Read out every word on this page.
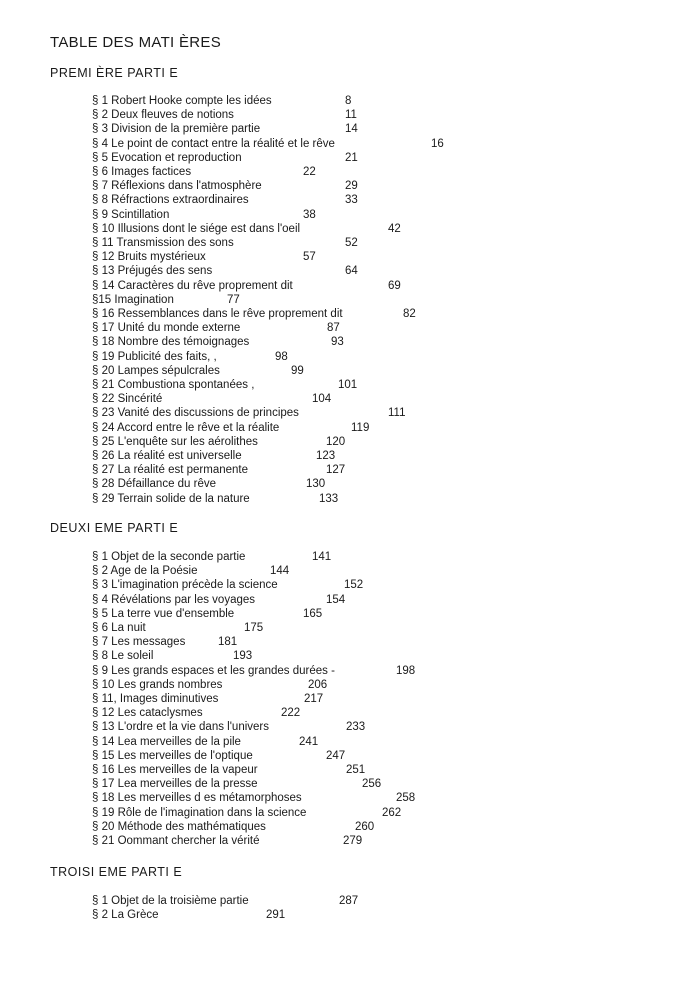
TABLE DES MATI ÈRES
PREMI ÈRE PARTI E
§ 1 Robert Hooke compte les idées	8
§ 2 Deux fleuves de notions	11
§ 3 Division de la première partie	14
§ 4 Le point de contact entre la réalité et le rêve	16
§ 5 Evocation et reproduction	21
§ 6 Images factices	22
§ 7 Réflexions dans l'atmosphère	29
§ 8 Réfractions extraordinaires	33
§ 9 Scintillation	38
§ 10 Illusions dont le siége est dans l'oeil	42
§ 11 Transmission des sons	52
§ 12 Bruits mystérieux	57
§ 13 Préjugés des sens	64
§ 14 Caractères du rêve proprement dit	69
§15 Imagination	77
§ 16 Ressemblances dans le rêve proprement dit	82
§ 17 Unité du monde externe	87
§ 18 Nombre des témoignages	93
§ 19 Publicité des faits, ,	98
§ 20 Lampes sépulcrales	99
§ 21 Combustiona spontanées ,	101
§ 22 Sincérité	104
§ 23 Vanité des discussions de principes	111
§ 24 Accord entre le rêve et la réalite	119
§ 25 L'enquête sur les aérolithes	120
§ 26 La réalité est universelle	123
§ 27 La réalité est permanente	127
§ 28 Défaillance du rêve	130
§ 29 Terrain solide de la nature	133
DEUXI EME PARTI E
§ 1 Objet de la seconde partie	141
§ 2 Age de la Poésie	144
§ 3 L'imagination précède la science	152
§ 4 Révélations par les voyages	154
§ 5 La terre vue d'ensemble	165
§ 6 La nuit	175
§ 7 Les messages	181
§ 8 Le soleil	193
§ 9 Les grands espaces et les grandes durées -	198
§ 10 Les grands nombres	206
§ 11, Images diminutives	217
§ 12 Les cataclysmes	222
§ 13 L'ordre et la vie dans l'univers	233
§ 14 Lea merveilles de la pile	241
§ 15 Les merveilles de l'optique	247
§ 16 Les merveilles de la vapeur	251
§ 17 Lea merveilles de la presse	256
§ 18 Les merveilles d es métamorphoses	258
§ 19 Rôle de l'imagination dans la science	262
§ 20 Méthode des mathématiques	260
§ 21 Oommant chercher la vérité	279
TROISI EME PARTI E
§ 1 Objet de la troisième partie	287
§ 2 La Grèce	291
